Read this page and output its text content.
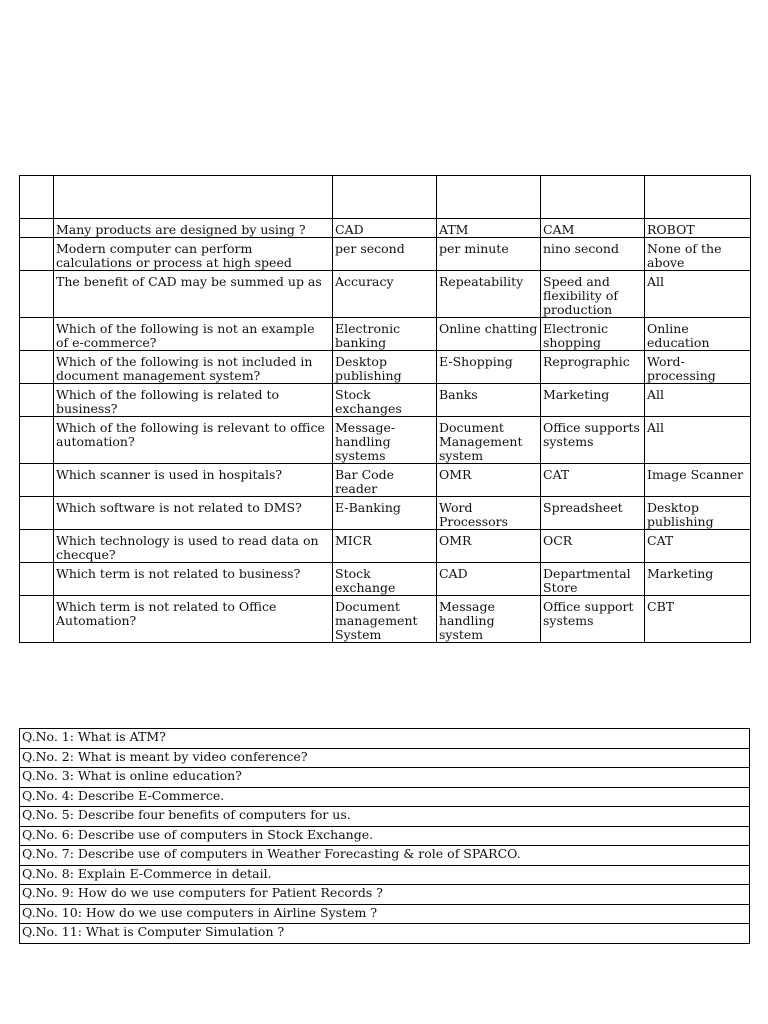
	Many products are designed by using ?	CAD	ATM	CAM	ROBOT
	Modern computer can perform calculations or process at high speed	per second	per minute	nino second	None of the above
	The benefit of CAD may be summed up as	Accuracy	Repeatability	Speed and flexibility of production	All
	Which of the following is not an example of e-commerce?	Electronic banking	Online chatting	Electronic shopping	Online education
	Which of the following is not included in document management system?	Desktop publishing	E-Shopping	Reprographic	Word-processing
	Which of the following is related to business?	Stock exchanges	Banks	Marketing	All
	Which of the following is relevant to office automation?	Message-handling systems	Document Management system	Office supports systems	All
	Which scanner is used in hospitals?	Bar Code reader	OMR	CAT	Image Scanner
	Which software is not related to DMS?	E-Banking	Word Processors	Spreadsheet	Desktop publishing
	Which technology is used to read data on checque?	MICR	OMR	OCR	CAT
	Which term is not related to business?	Stock exchange	CAD	Departmental Store	Marketing
	Which term is not related to Office Automation?	Document management System	Message handling system	Office support systems	CBT
Q.No. 1: What is ATM?
Q.No. 2: What is meant by video conference?
Q.No. 3: What is online education?
Q.No. 4: Describe E-Commerce.
Q.No. 5: Describe four benefits of computers for us.
Q.No. 6: Describe use of computers in Stock Exchange.
Q.No. 7: Describe use of computers in Weather Forecasting & role of SPARCO.
Q.No. 8: Explain E-Commerce in detail.
Q.No. 9: How do we use computers for Patient Records ?
Q.No. 10: How do we use computers in Airline System ?
Q.No. 11: What is Computer Simulation ?
